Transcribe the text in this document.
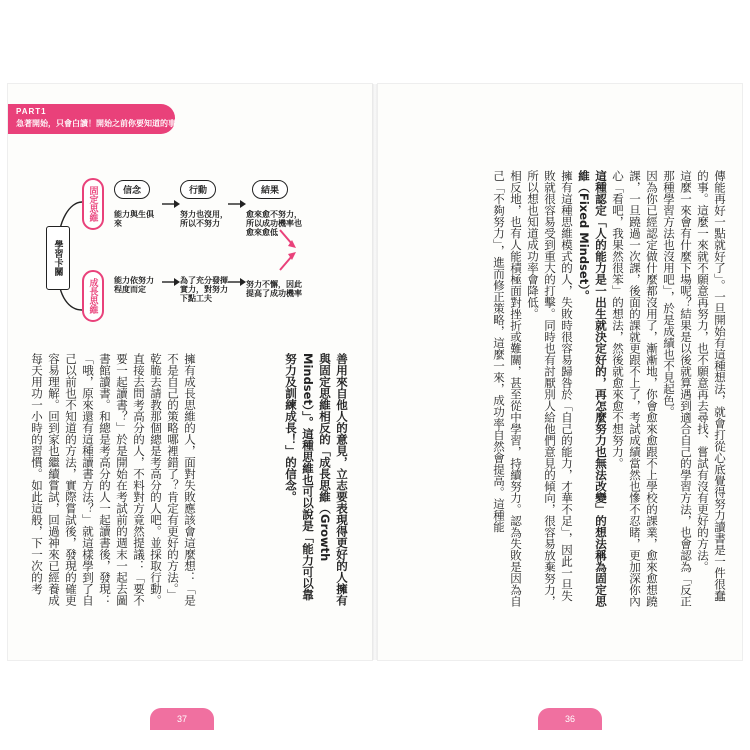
PART1
急著開始，只會白讀！開始之前你要知道的事
學習卡關
固定思維
成長思維
信念	行動	結果
能力與生俱來
努力也沒用，所以不努力
愈來愈不努力，所以成功機率也愈來愈低
能力依努力程度而定
為了充分發揮實力，對努力下點工夫
努力不懈，因此提高了成功機率
善用來自他人的意見，立志要表現得更好的人擁有與固定思維相反的「成長思維（Growth Mindset）」。這種思維也可以說是「能力可以靠努力及訓練成長！」的信念。
擁有成長思維的人，面對失敗應該會這麼想：「是不是自己的策略哪裡錯了？肯定有更好的方法。」乾脆去請教那個總是考高分的人吧。並採取行動。直接去問考高分的人，不料對方竟然提議：「要不要一起讀書？」於是開始在考試前的週末一起去圖書館讀書。和總是考高分的人一起讀書後，發現：「哦，原來還有這種讀書方法？」就這樣學到了自己以前也不知道的方法，實際嘗試後，發現的確更容易理解。回到家也繼續嘗試，回過神來已經養成每天用功一小時的習慣。如此這般，下一次的考
37

傳能再好一點就好了」。一旦開始有這種想法，就會打從心底覺得努力讀書是一件很蠢的事。這麼一來就不願意再努力，也不願意再去尋找、嘗試有沒有更好的方法。

這麼一來會有什麼下場呢？結果是以後就算遇到適合自己的學習方法，也會認為「反正那種學習方法也沒用吧」，於是成績也不見起色。

因為你已經認定做什麼都沒用了，漸漸地，你會愈來愈跟不上學校的課業，愈來愈想蹺課，一旦蹺過一次課，後面的課就更跟不上了，考試成績當然也慘不忍睹，更加深你內心「看吧，我果然很笨」的想法，然後就愈來愈不想努力。

這種認定「人的能力是一出生就決定好的，再怎麼努力也無法改變」的想法稱為固定思維（Fixed Mindset）。

擁有這種思維模式的人，失敗時很容易歸咎於「自己的能力，才華不足」，因此一旦失敗就很容易受到重大的打擊。同時也有討厭別人給他們意見的傾向，很容易放棄努力，所以想也知道成功率會降低。

相反地，也有人能積極面對挫折或難關，甚至從中學習，持續努力。認為失敗是因為自己「不夠努力」，進而修正策略，這麼一來，成功率自然會提高。這種能

36
